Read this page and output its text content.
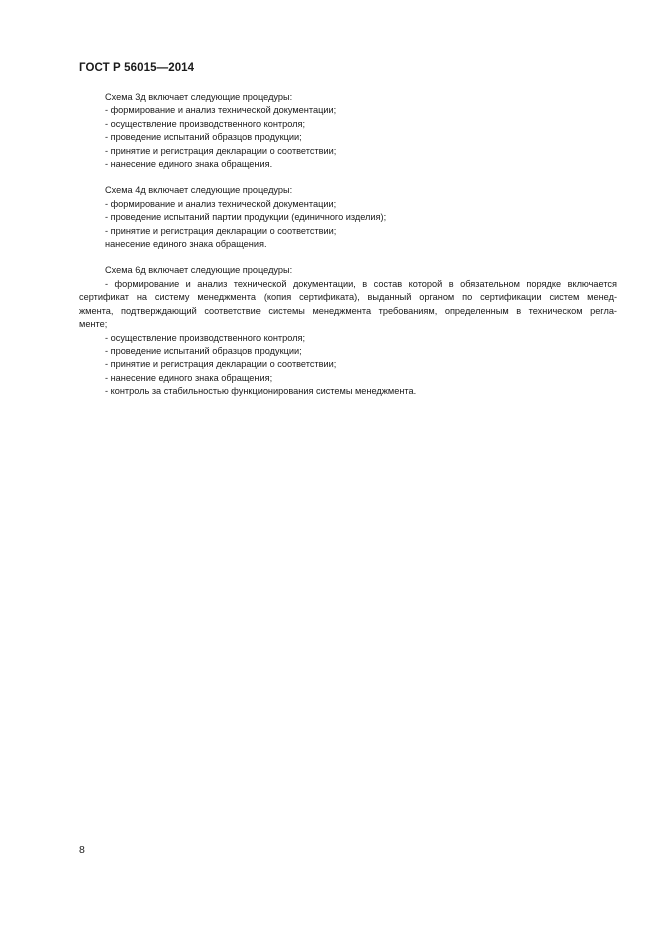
ГОСТ Р 56015—2014
Схема 3д включает следующие процедуры:
- формирование и анализ технической документации;
- осуществление производственного контроля;
- проведение испытаний образцов продукции;
- принятие и регистрация декларации о соответствии;
- нанесение единого знака обращения.
Схема 4д включает следующие процедуры:
- формирование и анализ технической документации;
- проведение испытаний партии продукции (единичного изделия);
- принятие и регистрация декларации о соответствии;
нанесение единого знака обращения.
Схема 6д включает следующие процедуры:
- формирование и анализ технической документации, в состав которой в обязательном порядке включается
сертификат на систему менеджмента (копия сертификата), выданный органом по сертификации систем менед-
жмента, подтверждающий соответствие системы менеджмента требованиям, определенным в техническом регла-
менте;
- осуществление производственного контроля;
- проведение испытаний образцов продукции;
- принятие и регистрация декларации о соответствии;
- нанесение единого знака обращения;
- контроль за стабильностью функционирования системы менеджмента.
8
